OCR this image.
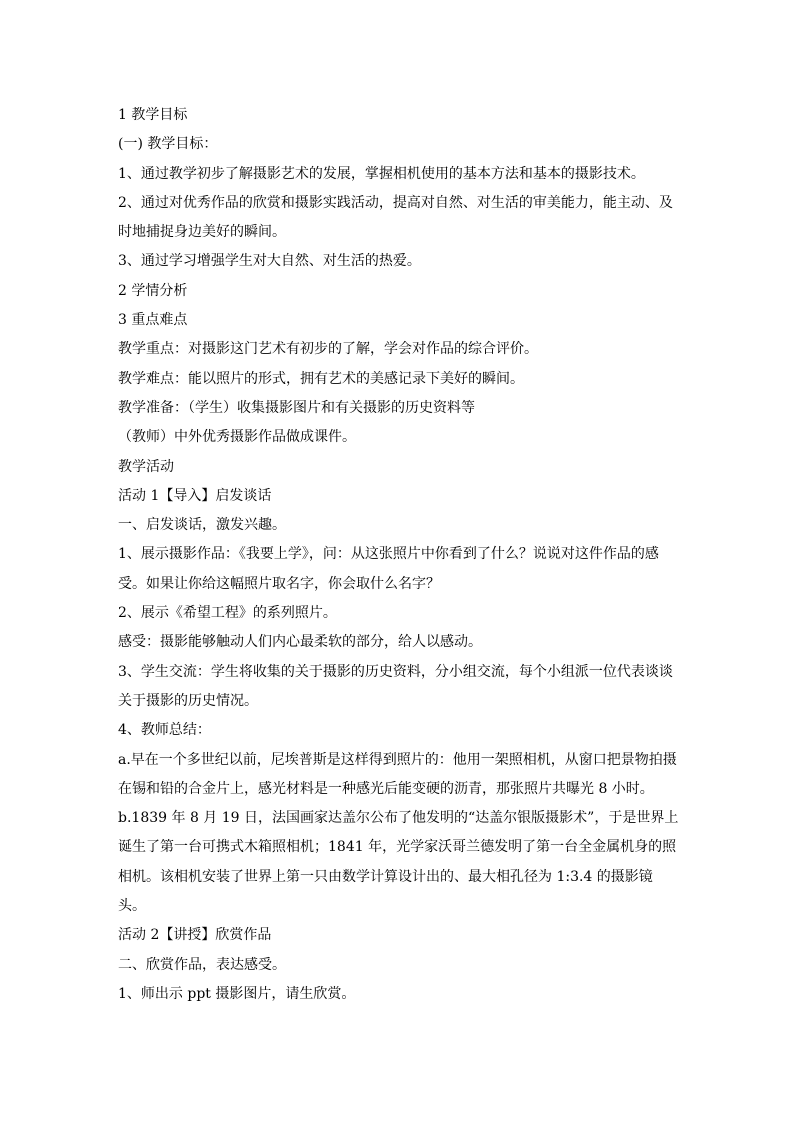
1 教学目标

(一) 教学目标：

1、通过教学初步了解摄影艺术的发展，掌握相机使用的基本方法和基本的摄影技术。

2、通过对优秀作品的欣赏和摄影实践活动，提高对自然、对生活的审美能力，能主动、及时地捕捉身边美好的瞬间。

3、通过学习增强学生对大自然、对生活的热爱。

2 学情分析

3 重点难点

教学重点：对摄影这门艺术有初步的了解，学会对作品的综合评价。

教学难点：能以照片的形式，拥有艺术的美感记录下美好的瞬间。

教学准备：（学生）收集摄影图片和有关摄影的历史资料等

（教师）中外优秀摄影作品做成课件。

教学活动

活动 1【导入】启发谈话

一、启发谈话，激发兴趣。

1、展示摄影作品：《我要上学》，问：从这张照片中你看到了什么？说说对这件作品的感受。如果让你给这幅照片取名字，你会取什么名字？

2、展示《希望工程》的系列照片。

感受：摄影能够触动人们内心最柔软的部分，给人以感动。

3、学生交流：学生将收集的关于摄影的历史资料，分小组交流，每个小组派一位代表谈谈关于摄影的历史情况。

4、教师总结：

a.早在一个多世纪以前，尼埃普斯是这样得到照片的：他用一架照相机，从窗口把景物拍摄在锡和铅的合金片上，感光材料是一种感光后能变硬的沥青，那张照片共曝光 8 小时。

b.1839 年 8 月 19 日，法国画家达盖尔公布了他发明的“达盖尔银版摄影术”，于是世界上诞生了第一台可携式木箱照相机；1841 年，光学家沃哥兰德发明了第一台全金属机身的照相机。该相机安装了世界上第一只由数学计算设计出的、最大相孔径为 1:3.4 的摄影镜头。

活动 2【讲授】欣赏作品

二、欣赏作品，表达感受。

1、师出示 ppt 摄影图片，请生欣赏。
